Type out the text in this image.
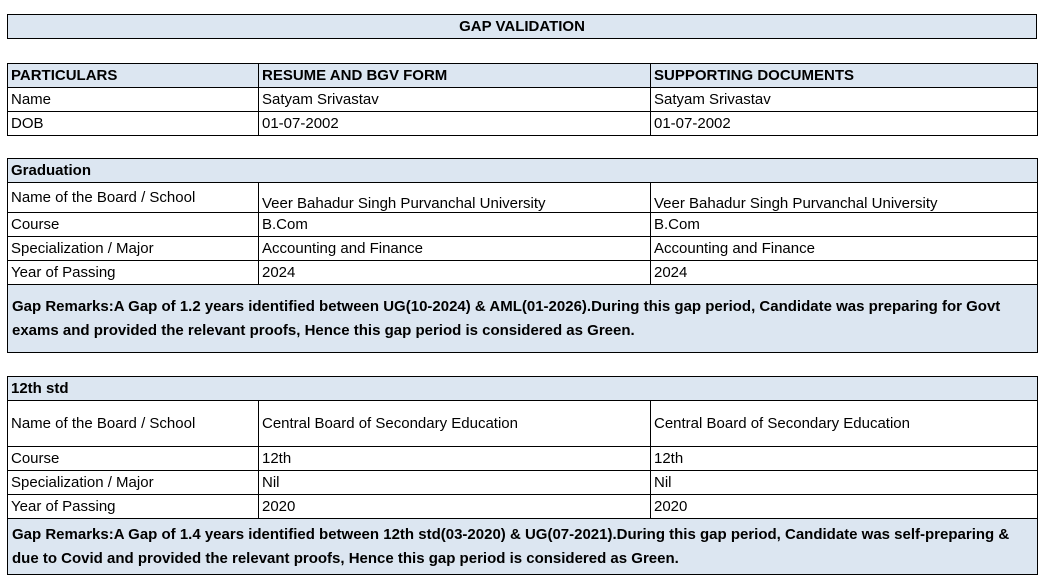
GAP VALIDATION
PARTICULARS	RESUME AND BGV FORM	SUPPORTING DOCUMENTS
Name	Satyam Srivastav	Satyam Srivastav
DOB	01-07-2002	01-07-2002
Graduation		
Name of the Board / School	Veer Bahadur Singh Purvanchal University	Veer Bahadur Singh Purvanchal University
Course	B.Com	B.Com
Specialization / Major	Accounting and Finance	Accounting and Finance
Year of Passing	2024	2024
Gap Remarks:A Gap of 1.2 years identified between UG(10-2024) & AML(01-2026).During this gap period, Candidate was preparing for Govt exams and provided the relevant proofs, Hence this gap period is considered as Green.		
12th std		
Name of the Board / School	Central Board of Secondary Education	Central Board of Secondary Education
Course	12th	12th
Specialization / Major	Nil	Nil
Year of Passing	2020	2020
Gap Remarks:A Gap of 1.4 years identified between 12th std(03-2020) & UG(07-2021).During this gap period, Candidate was self-preparing & due to Covid and provided the relevant proofs, Hence this gap period is considered as Green.		
